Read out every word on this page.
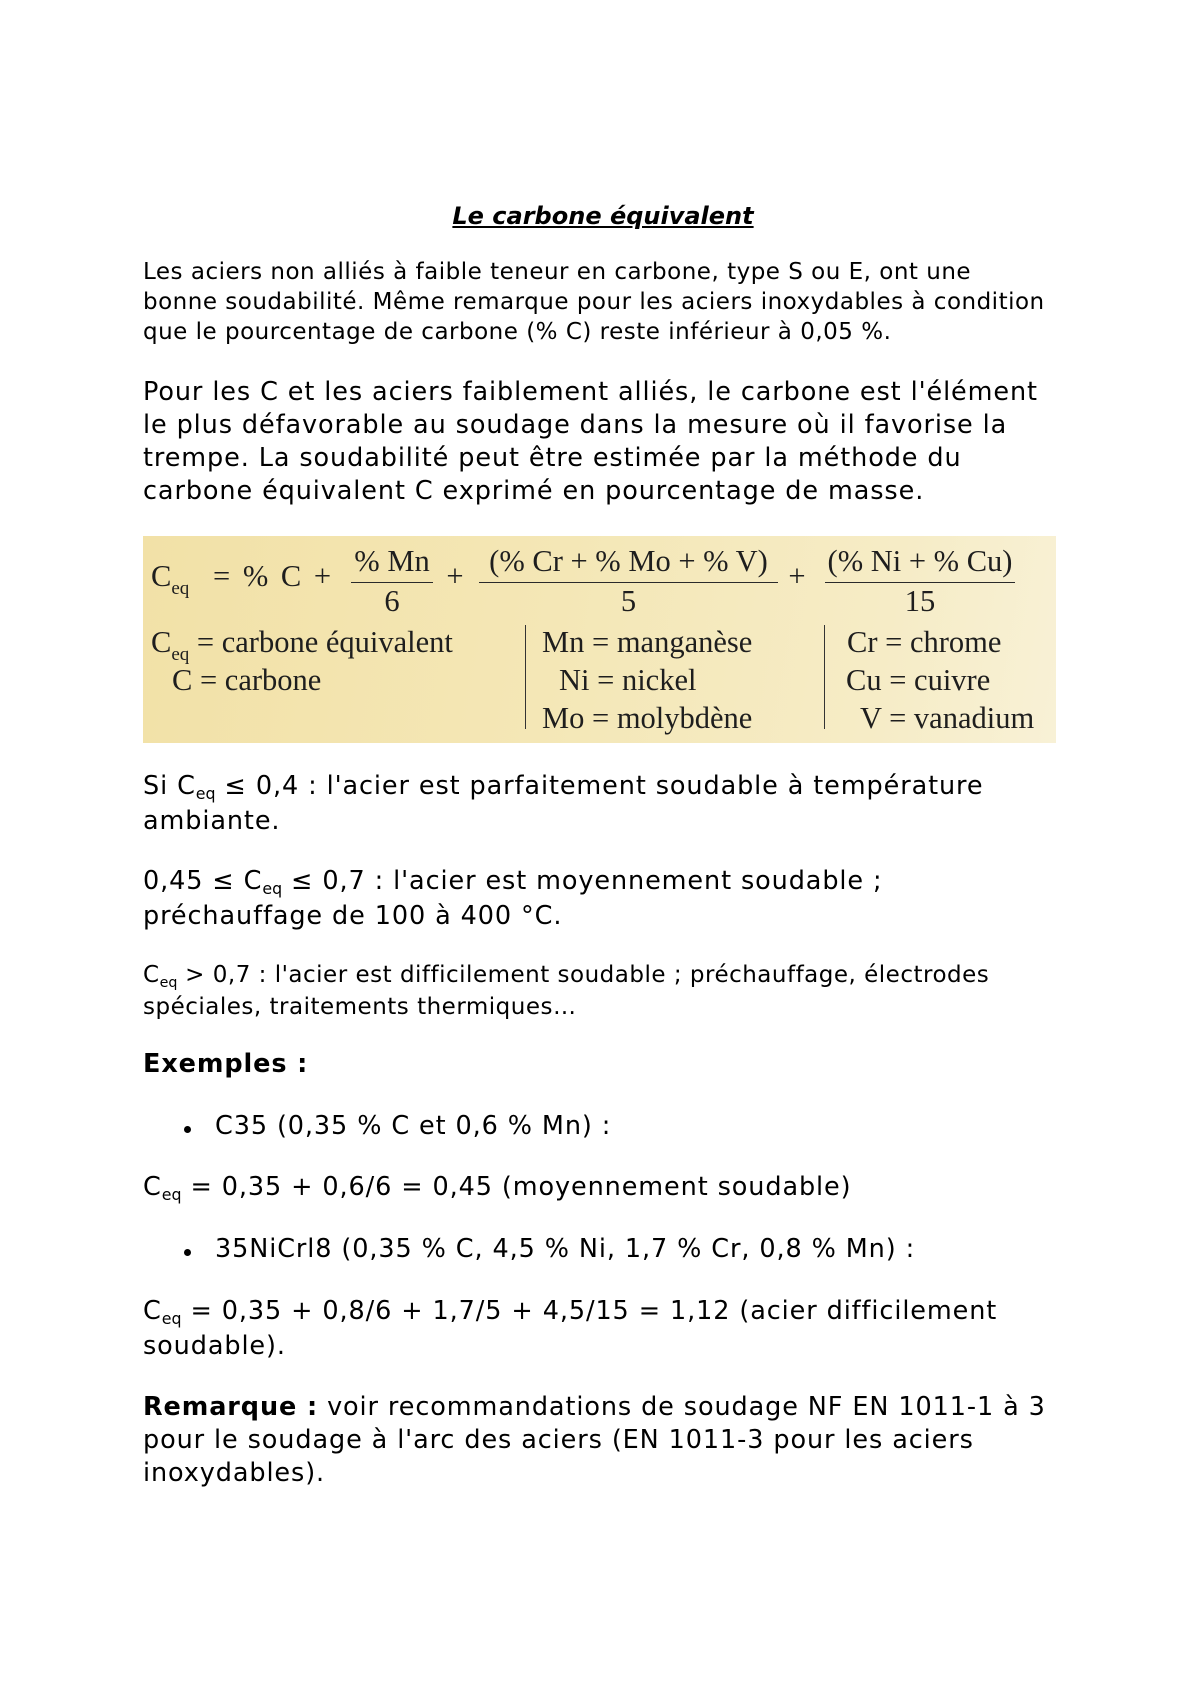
Le carbone équivalent
Les aciers non alliés à faible teneur en carbone, type S ou E, ont une
bonne soudabilité. Même remarque pour les aciers inoxydables à condition
que le pourcentage de carbone (% C) reste inférieur à 0,05 %.
Pour les C et les aciers faiblement alliés, le carbone est l'élément
le plus défavorable au soudage dans la mesure où il favorise la
trempe. La soudabilité peut être estimée par la méthode du
carbone équivalent C exprimé en pourcentage de masse.
$C_{eq}$ = % C + % Mn
6
+ (% Cr + % Mo + % V)
5
+ (% Ni + % Cu)
15
$C_{eq}$ = carbone équivalent
C = carbone
Mn = manganèse
Ni = nickel
Mo = molybdène
Cr = chrome
Cu = cuivre
V = vanadium
Si $C_{eq} \le 0,4$ : l'acier est parfaitement soudable à température
ambiante.
$0,45 \le C_{eq} \le 0,7$ : l'acier est moyennement soudable ;
préchauffage de 100 à 400 °C.
$C_{eq} > 0,7$ : l'acier est difficilement soudable ; préchauffage, électrodes
spéciales, traitements thermiques…
Exemples :
C35 (0,35 % C et 0,6 % Mn) :
$C_{eq} = 0,35 + 0,6/6 = 0,45$ (moyennement soudable)
35NiCrl8 (0,35 % C, 4,5 % Ni, 1,7 % Cr, 0,8 % Mn) :
$C_{eq} = 0,35 + 0,8/6 + 1,7/5 + 4,5/15 = 1,12$ (acier difficilement
soudable).
Remarque : voir recommandations de soudage NF EN 1011-1 à 3
pour le soudage à l'arc des aciers (EN 1011-3 pour les aciers
inoxydables).
